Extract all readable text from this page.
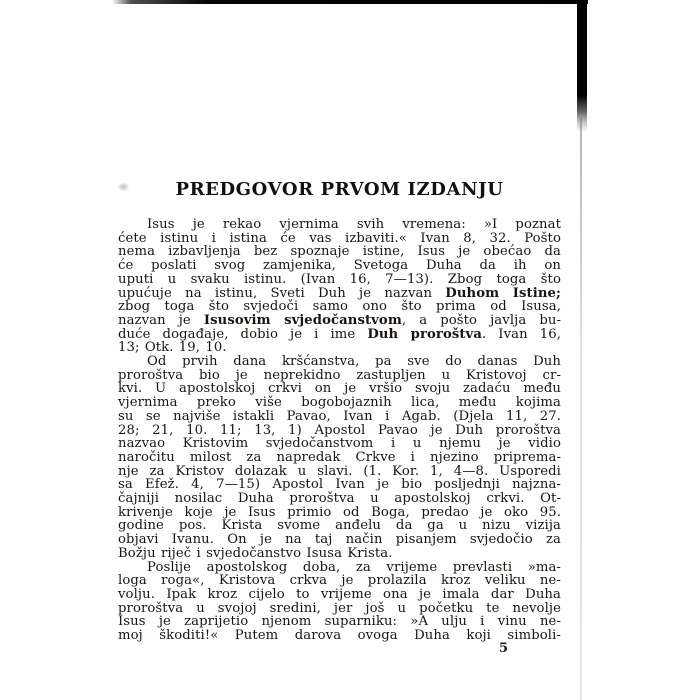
PREDGOVOR PRVOM IZDANJU
Isus je rekao vjernima svih vremena: »I poznat
ćete istinu i istina će vas izbaviti.« Ivan 8, 32. Pošto
nema izbavljenja bez spoznaje istine, Isus je obećao da
će poslati svog zamjenika, Svetoga Duha da ih on
uputi u svaku istinu. (Ivan 16, 7—13). Zbog toga što
upućuje na istinu, Sveti Duh je nazvan Duhom Istine;
zbog toga što svjedoči samo ono što prima od Isusa,
nazvan je Isusovim svjedočanstvom, a pošto javlja bu-
duće događaje, dobio je i ime Duh proroštva. Ivan 16,
13; Otk. 19, 10.
Od prvih dana kršćanstva, pa sve do danas Duh
proroštva bio je neprekidno zastupljen u Kristovoj cr-
kvi. U apostolskoj crkvi on je vršio svoju zadaću među
vjernima preko više bogobojaznih lica, među kojima
su se najviše istakli Pavao, Ivan i Agab. (Djela 11, 27.
28; 21, 10. 11; 13, 1) Apostol Pavao je Duh proroštva
nazvao Kristovim svjedočanstvom i u njemu je vidio
naročitu milost za napredak Crkve i njezino priprema-
nje za Kristov dolazak u slavi. (1. Kor. 1, 4—8. Usporedi
sa Efež. 4, 7—15) Apostol Ivan je bio posljednji najzna-
čajniji nosilac Duha proroštva u apostolskoj crkvi. Ot-
krivenje koje je Isus primio od Boga, predao je oko 95.
godine pos. Krista svome anđelu da ga u nizu vizija
objavi Ivanu. On je na taj način pisanjem svjedočio za
Božju riječ i svjedočanstvo Isusa Krista.
Poslije apostolskog doba, za vrijeme prevlasti »ma-
loga roga«, Kristova crkva je prolazila kroz veliku ne-
volju. Ipak kroz cijelo to vrijeme ona je imala dar Duha
proroštva u svojoj sredini, jer još u početku te nevolje
Isus je zaprijetio njenom suparniku: »A ulju i vinu ne-
moj škoditi!« Putem darova ovoga Duha koji simboli-
5
